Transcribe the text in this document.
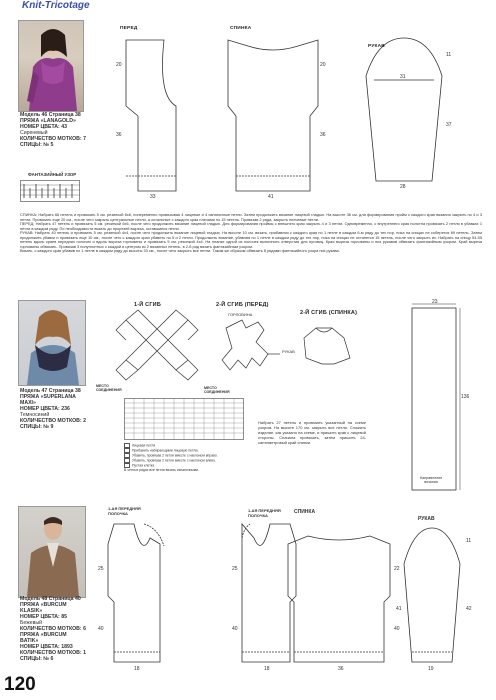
Knit-Tricotage
Модель 46 Страница 38
ПРЯЖА «LANAGOLD»
НОМЕР ЦВЕТА: 43
Сиреневый
КОЛИЧЕСТВО МОТКОВ: 7
СПИЦЫ: № 5
ФАНТАЗИЙНЫЙ УЗОР
ПЕРЕД
20
36
33
20
36
41
11
31
37
28
СПИНКА
РУКАВ

СПИНКА: Набрать 66 петель и провязать 5 см. резинкой 6х6, попеременно провязывая 4 лицевые и 4 изнаночные петли. Затем продолжить вязание лицевой гладью. На высоте 36 см. для формирования пройм с каждого края вязания закрыть по 4 и 3 петли. Провязать еще 20 см., после чего закрыть центральные петли, а остальные с каждого края плечами по 15 петель. Провязав 2 ряда, закрыть плечевые петли.

ПЕРЕД: Набрать 47 петель и провязать 5 см. резинкой 6х6, после чего продолжить вязание лицевой гладью. Для формирования проймы с внешнего края закрыть 4 и 3 петли. Одновременно, с внутреннего края полотна провязать 2 петли в убавках 1 петли в каждом ряду. По необходимости вязать до прорезей выреза, оставшиеся петли.

РУКАВ: Набрать 40 петель и провязать 5 см. резинкой 4х4, после чего продолжить вязание лицевой гладью. На высоте 10 см. вязать, прибавляя с каждого края по 1 петле в каждом 6-м ряду до тех пор, пока на спицах не соберется 69 петель. Затем продолжить убавки и провязать еще 10 см., после чего с каждого края убавить по 5 и 2 петли. Продолжить вязание, убавляя по 1 петле в каждом ряду до тех пор, пока на спицах не останется 15 петель, после чего закрыть их. Набрать на спицу 54-55 петель вдоль краев передних полочек и вдоль выреза горловины и провязать 5 см. резинкой 4х4. На планке одной из полочек выполнить отверстия для пуговиц. Края выреза горловины и низ рукавов обвязать фантазийным узором. Край выреза горловины обвязать. Провязав 3 полуплотных с каждой и центром из 2 вязанных петель, в 2-й ряд вязать фантазийным узором.

Вязать, с каждого края убавив по 1 петле в каждом ряду до высоты 33 см., после чего закрыть все петли. Таким же образом обвязать 8 рядами фантазийного узора низ рукава.

Модель 47 Страница 38
ПРЯЖА «SUPERLANA
MAXI»
НОМЕР ЦВЕТА: 236
Темносиний
КОЛИЧЕСТВО МОТКОВ: 2
СПИЦЫ: № 9
1-Й СГИБ	2-Й СГИБ (ПЕРЕД)
2-Й СГИБ (СПИНКА)
ГОРЛОВИНА
РУКАВ
МЕСТО СОЕДИНЕНИЯ	МЕСТО СОЕДИНЕНИЯ
Лицевая петля
Прибавить набирающими лицевую петлю.
Убавить, провязав 2 петли вместе с наклоном вправо.
Убавить, провязав 2 петли вместе с наклоном влево.
Пустая клетка
В четных рядах все петли вязать изнаночными.
Набрать 27 петель и провязать указанный на схеме узором. На высоте 170 см. закрыть все петли. Сложить изделие, как указано на схеме, и пришить края с лицевой стороны. Сначала провязать, затем пришить 24-сантиметровый край спинки.
23
136
Направление вязания
Модель 48 Страница 40
ПРЯЖА «BURCUM
KLASIK»
НОМЕР ЦВЕТА: 85
Бежевый
КОЛИЧЕСТВО МОТКОВ: 6
ПРЯЖА «BURCUM
BATIK»
НОМЕР ЦВЕТА: 1893
КОЛИЧЕСТВО МОТКОВ: 1
СПИЦЫ: № 6
1-АЯ ПЕРЕДНЯЯ ПОЛОЧКА
1-АЯ ПЕРЕДНЯЯ ПОЛОЧКА
СПИНКА
РУКАВ
25
40
18
25
40
18
22
40
36
11
42
41
19
120
